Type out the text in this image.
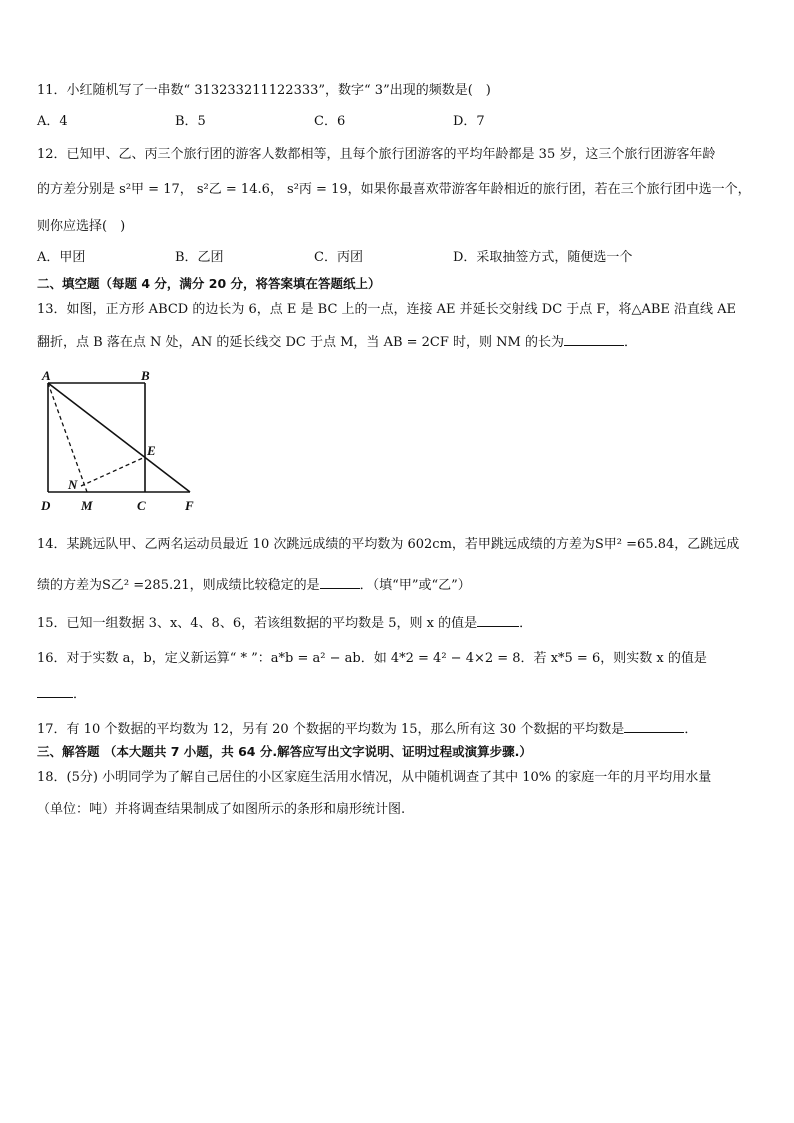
11．小红随机写了一串数“ 313233211122333”，数字“ 3”出现的频数是(　)
A．4	B．5	C．6	D．7
12．已知甲、乙、丙三个旅行团的游客人数都相等，且每个旅行团游客的平均年龄都是 35 岁，这三个旅行团游客年龄
的方差分别是 s²甲 = 17， s²乙 = 14.6， s²丙 = 19，如果你最喜欢带游客年龄相近的旅行团，若在三个旅行团中选一个，
则你应选择(　)
A．甲团	B．乙团	C．丙团	D．采取抽签方式，随便选一个
二、填空题（每题 4 分，满分 20 分，将答案填在答题纸上）
13．如图，正方形 ABCD 的边长为 6，点 E 是 BC 上的一点，连接 AE 并延长交射线 DC 于点 F，将△ABE 沿直线 AE
翻折，点 B 落在点 N 处，AN 的延长线交 DC 于点 M，当 AB = 2CF 时，则 NM 的长为	．
A	B
E
N
D M	C	F
14．某跳远队甲、乙两名运动员最近 10 次跳远成绩的平均数为 602cm，若甲跳远成绩的方差为S甲² =65.84，乙跳远成
绩的方差为S乙² =285.21，则成绩比较稳定的是	．（填“甲”或“乙”）
15．已知一组数据 3、x、4、8、6，若该组数据的平均数是 5，则 x 的值是	．
16．对于实数 a，b，定义新运算“ * ”：a*b = a² − ab．如 4*2 = 4² − 4×2 = 8．若 x*5 = 6，则实数 x 的值是
．
17．有 10 个数据的平均数为 12，另有 20 个数据的平均数为 15，那么所有这 30 个数据的平均数是	．
三、解答题 （本大题共 7 小题，共 64 分.解答应写出文字说明、证明过程或演算步骤.）
18．(5分) 小明同学为了解自己居住的小区家庭生活用水情况，从中随机调查了其中 10% 的家庭一年的月平均用水量
（单位：吨）并将调查结果制成了如图所示的条形和扇形统计图.
